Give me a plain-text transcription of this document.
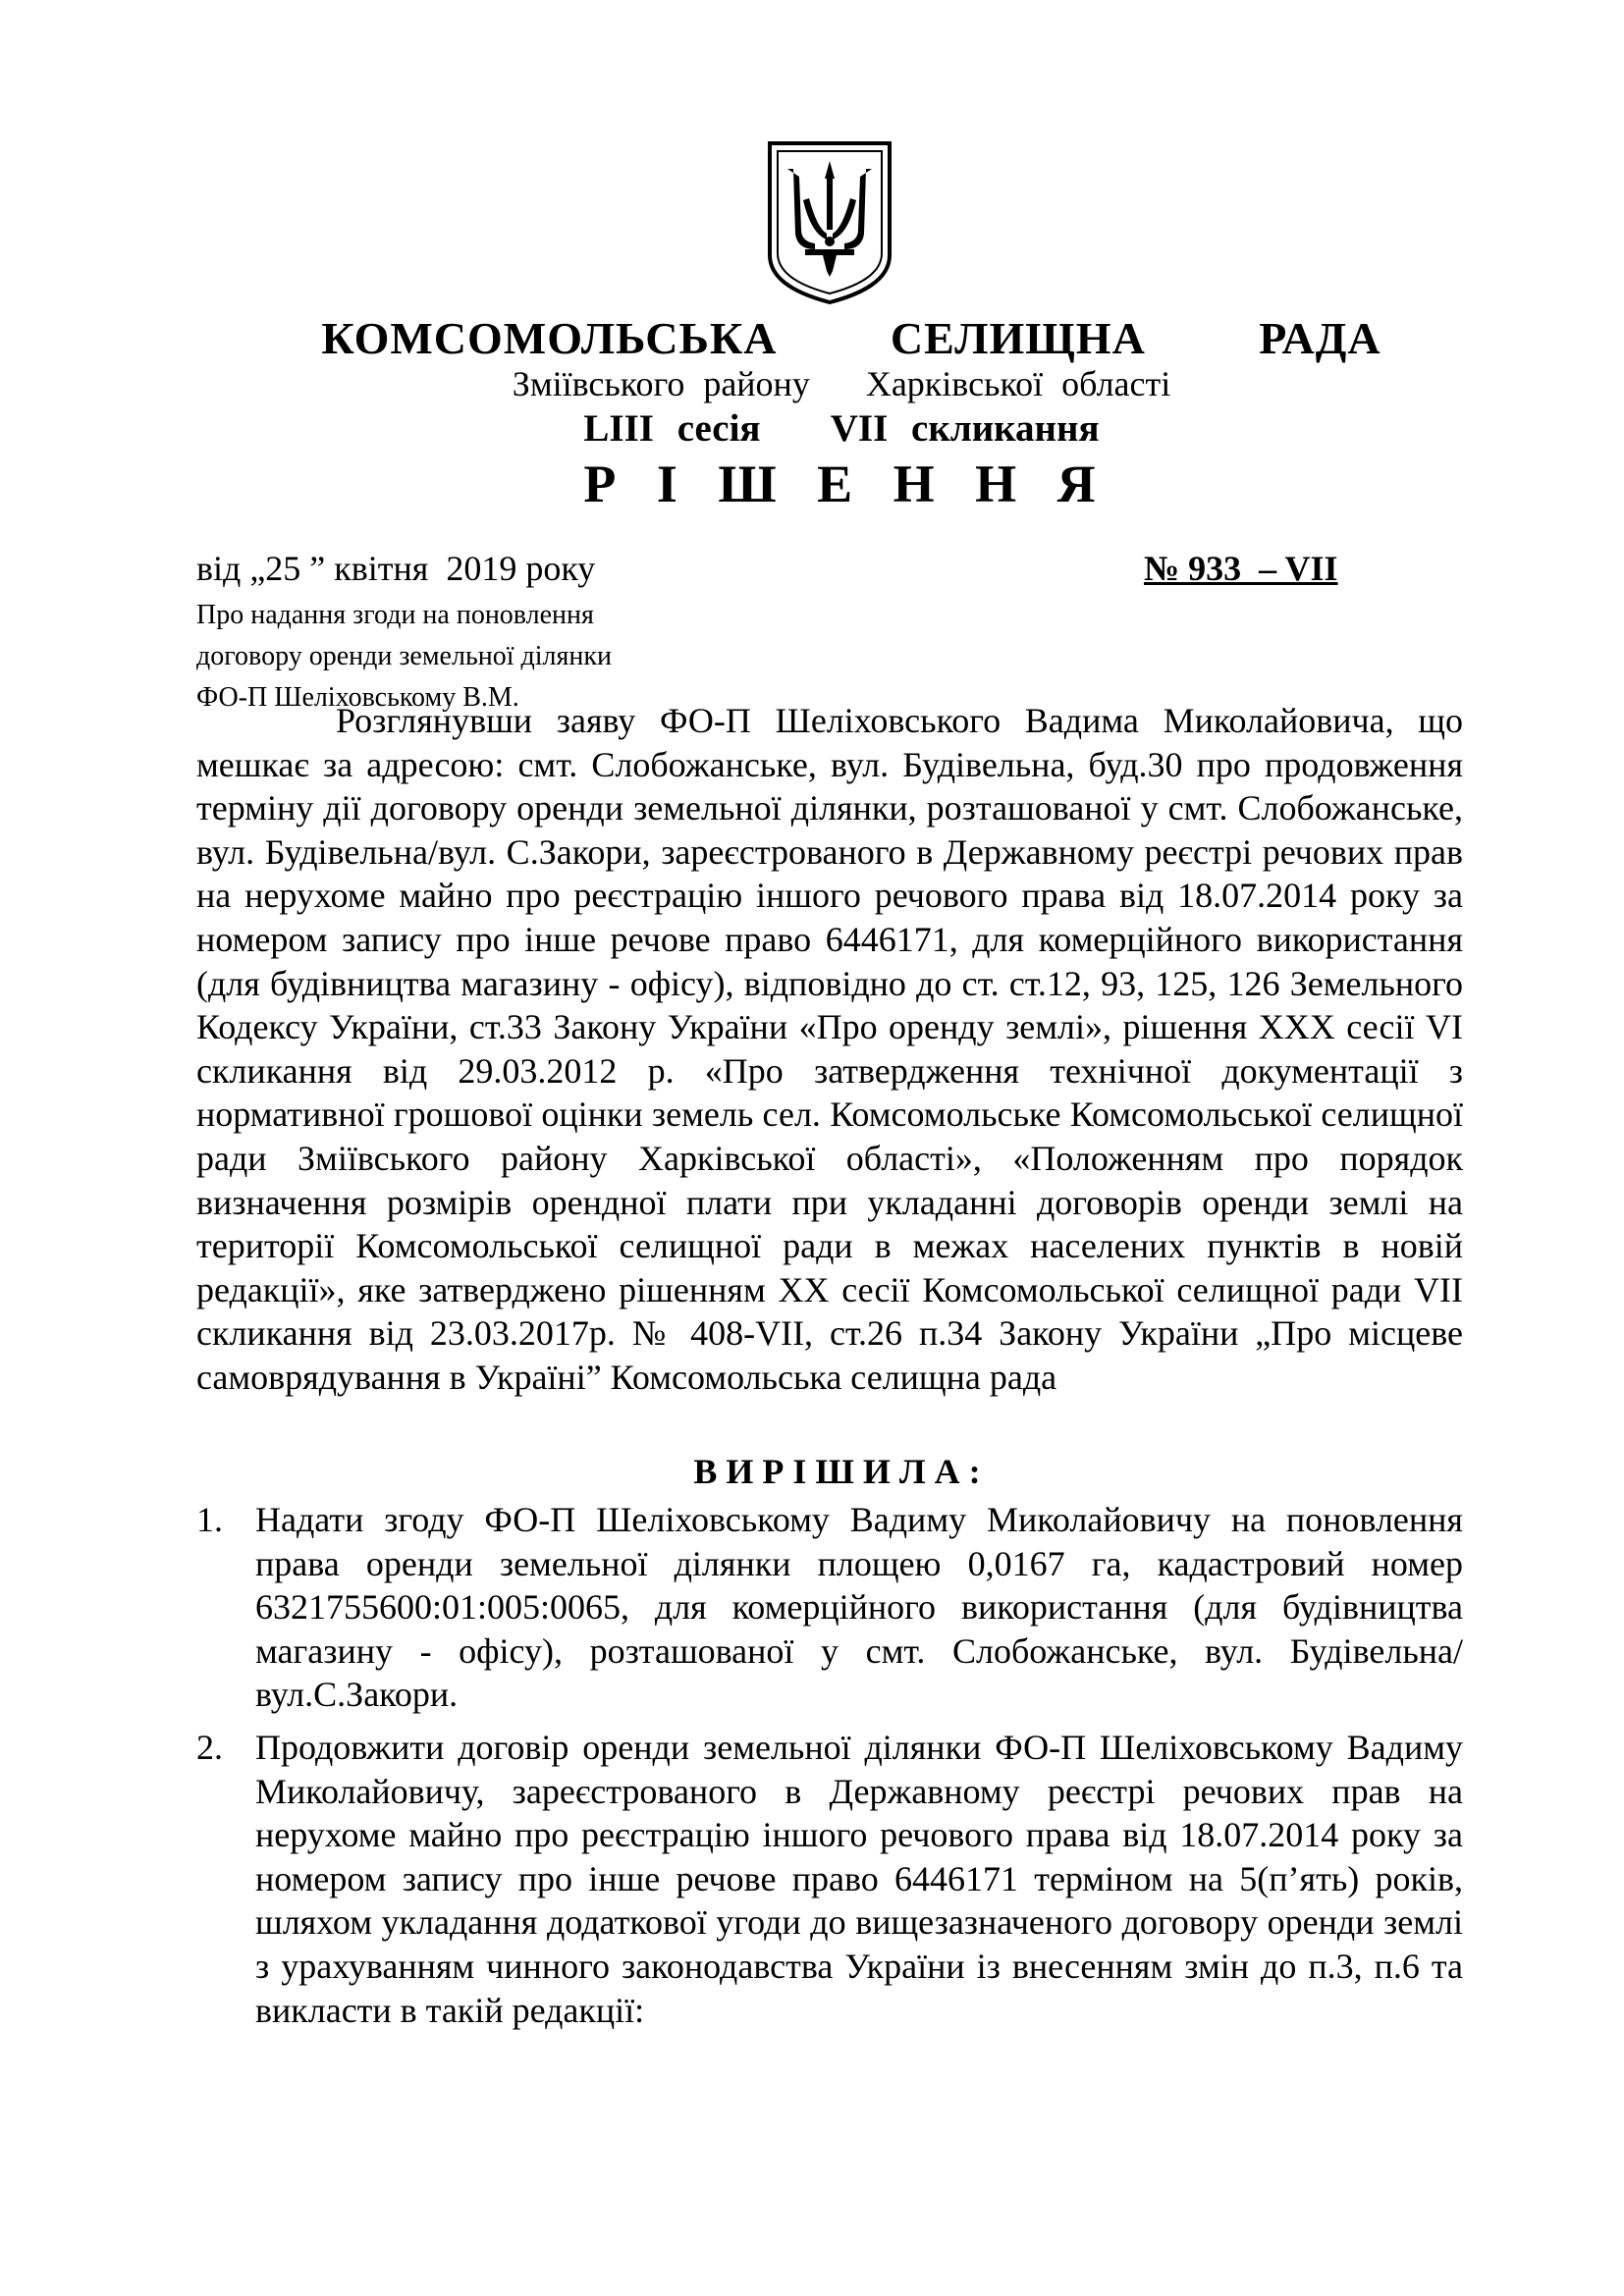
КОМСОМОЛЬСЬКА   СЕЛИЩНА   РАДА
Зміївського району   Харківської області
LIII сесія   VII скликання
Р І Ш Е Н Н Я
від „25 ” квітня  2019 року	№ 933  – VII
Про надання згоди на поновлення
договору оренди земельної ділянки
ФО-П Шеліховському В.М.
Розглянувши заяву ФО-П Шеліховського Вадима Миколайовича, що мешкає за адресою: смт. Слобожанське, вул. Будівельна, буд.30 про продовження терміну дії договору оренди земельної ділянки, розташованої у смт. Слобожанське, вул. Будівельна/вул. С.Закори, зареєстрованого в Державному реєстрі речових прав на нерухоме майно про реєстрацію іншого речового права від 18.07.2014 року за номером запису про інше речове право 6446171, для комерційного використання (для будівництва магазину - офісу), відповідно до ст. ст.12, 93, 125, 126 Земельного Кодексу України, ст.33 Закону України «Про оренду землі», рішення XXX сесії VI скликання від 29.03.2012 р. «Про затвердження технічної документації з нормативної грошової оцінки земель сел. Комсомольське Комсомольської селищної ради Зміївського району Харківської області», «Положенням про порядок визначення розмірів орендної плати при укладанні договорів оренди землі на території Комсомольської селищної ради в межах населених пунктів в новій редакції», яке затверджено рішенням XX сесії Комсомольської селищної ради VII скликання від 23.03.2017р. № 408-VII, ст.26 п.34 Закону України „Про місцеве самоврядування в Україні” Комсомольська селищна рада
ВИРІШИЛА:
1. Надати згоду ФО-П Шеліховському Вадиму Миколайовичу на поновлення права оренди земельної ділянки площею 0,0167 га, кадастровий номер 6321755600:01:005:0065, для комерційного використання (для будівництва магазину - офісу), розташованої у смт. Слобожанське, вул. Будівельна/вул.С.Закори.
2. Продовжити договір оренди земельної ділянки ФО-П Шеліховському Вадиму Миколайовичу, зареєстрованого в Державному реєстрі речових прав на нерухоме майно про реєстрацію іншого речового права від 18.07.2014 року за номером запису про інше речове право 6446171 терміном на 5(п’ять) років, шляхом укладання додаткової угоди до вищезазначеного договору оренди землі з урахуванням чинного законодавства України із внесенням змін до п.3, п.6 та викласти в такій редакції:
